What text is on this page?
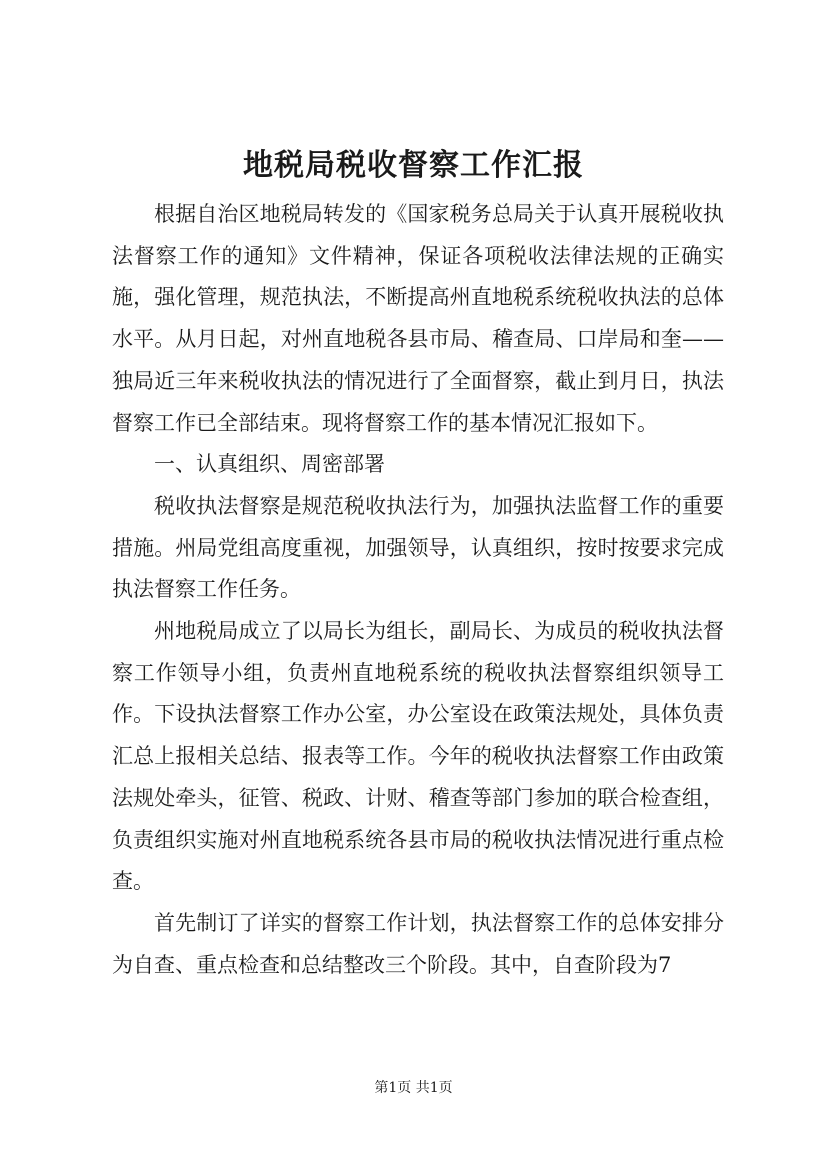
地税局税收督察工作汇报

根据自治区地税局转发的《国家税务总局关于认真开展税收执法督察工作的通知》文件精神，保证各项税收法律法规的正确实施，强化管理，规范执法，不断提高州直地税系统税收执法的总体水平。从月日起，对州直地税各县市局、稽查局、口岸局和奎——独局近三年来税收执法的情况进行了全面督察，截止到月日，执法督察工作已全部结束。现将督察工作的基本情况汇报如下。

一、认真组织、周密部署

税收执法督察是规范税收执法行为，加强执法监督工作的重要措施。州局党组高度重视，加强领导，认真组织，按时按要求完成执法督察工作任务。

州地税局成立了以局长为组长，副局长、为成员的税收执法督察工作领导小组，负责州直地税系统的税收执法督察组织领导工作。下设执法督察工作办公室，办公室设在政策法规处，具体负责汇总上报相关总结、报表等工作。今年的税收执法督察工作由政策法规处牵头，征管、税政、计财、稽查等部门参加的联合检查组，负责组织实施对州直地税系统各县市局的税收执法情况进行重点检查。

首先制订了详实的督察工作计划，执法督察工作的总体安排分为自查、重点检查和总结整改三个阶段。其中，自查阶段为7

第1页 共1页
